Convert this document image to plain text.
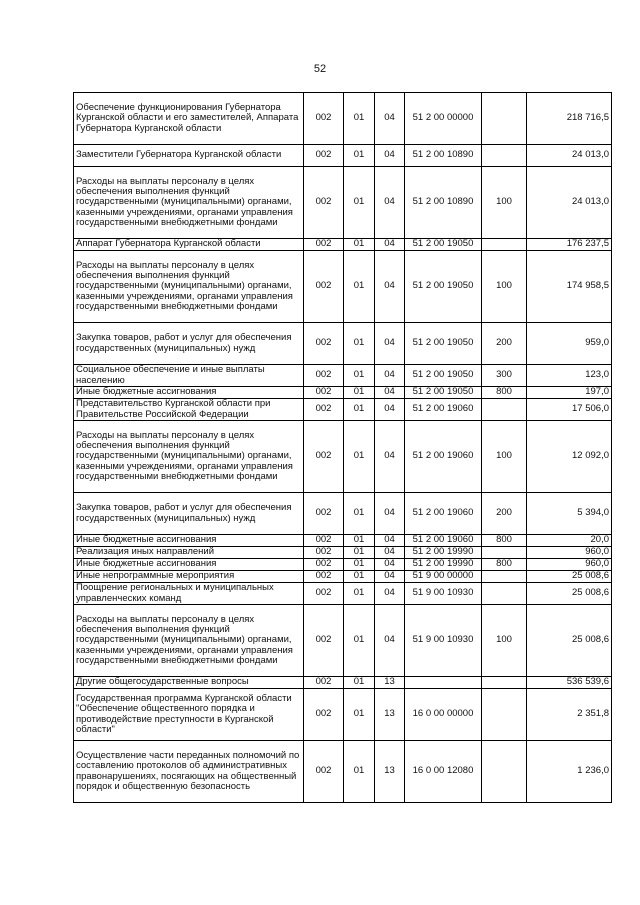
52
Обеспечение функционирования Губернатора Курганской области и его заместителей, Аппарата Губернатора Курганской области	002	01	04	51 2 00 00000		218 716,5
Заместители Губернатора Курганской области	002	01	04	51 2 00 10890		24 013,0
Расходы на выплаты персоналу в целях обеспечения выполнения функций государственными (муниципальными) органами, казенными учреждениями, органами управления государственными внебюджетными фондами	002	01	04	51 2 00 10890	100	24 013,0
Аппарат Губернатора Курганской области	002	01	04	51 2 00 19050		176 237,5
Расходы на выплаты персоналу в целях обеспечения выполнения функций государственными (муниципальными) органами, казенными учреждениями, органами управления государственными внебюджетными фондами	002	01	04	51 2 00 19050	100	174 958,5
Закупка товаров, работ и услуг для обеспечения государственных (муниципальных) нужд	002	01	04	51 2 00 19050	200	959,0
Социальное обеспечение и иные выплаты населению	002	01	04	51 2 00 19050	300	123,0
Иные бюджетные ассигнования	002	01	04	51 2 00 19050	800	197,0
Представительство Курганской области при Правительстве Российской Федерации	002	01	04	51 2 00 19060		17 506,0
Расходы на выплаты персоналу в целях обеспечения выполнения функций государственными (муниципальными) органами, казенными учреждениями, органами управления государственными внебюджетными фондами	002	01	04	51 2 00 19060	100	12 092,0
Закупка товаров, работ и услуг для обеспечения государственных (муниципальных) нужд	002	01	04	51 2 00 19060	200	5 394,0
Иные бюджетные ассигнования	002	01	04	51 2 00 19060	800	20,0
Реализация иных направлений	002	01	04	51 2 00 19990		960,0
Иные бюджетные ассигнования	002	01	04	51 2 00 19990	800	960,0
Иные непрограммные мероприятия	002	01	04	51 9 00 00000		25 008,6
Поощрение региональных и муниципальных управленческих команд	002	01	04	51 9 00 10930		25 008,6
Расходы на выплаты персоналу в целях обеспечения выполнения функций государственными (муниципальными) органами, казенными учреждениями, органами управления государственными внебюджетными фондами	002	01	04	51 9 00 10930	100	25 008,6
Другие общегосударственные вопросы	002	01	13			536 539,6
Государственная программа Курганской области "Обеспечение общественного порядка и противодействие преступности в Курганской области"	002	01	13	16 0 00 00000		2 351,8
Осуществление части переданных полномочий по составлению протоколов об административных правонарушениях, посягающих на общественный порядок и общественную безопасность	002	01	13	16 0 00 12080		1 236,0
